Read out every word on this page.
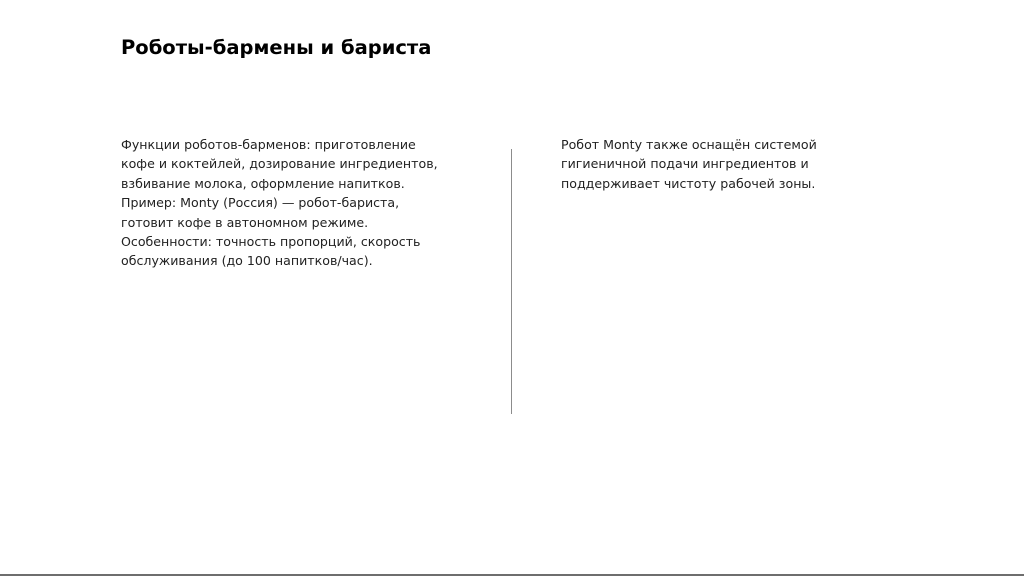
Роботы-бармены и бариста
Функции роботов-барменов: приготовление
кофе и коктейлей, дозирование ингредиентов,
взбивание молока, оформление напитков.
Пример: Monty (Россия) — робот-бариста,
готовит кофе в автономном режиме.
Особенности: точность пропорций, скорость
обслуживания (до 100 напитков/час).
Робот Monty также оснащён системой
гигиеничной подачи ингредиентов и
поддерживает чистоту рабочей зоны.
